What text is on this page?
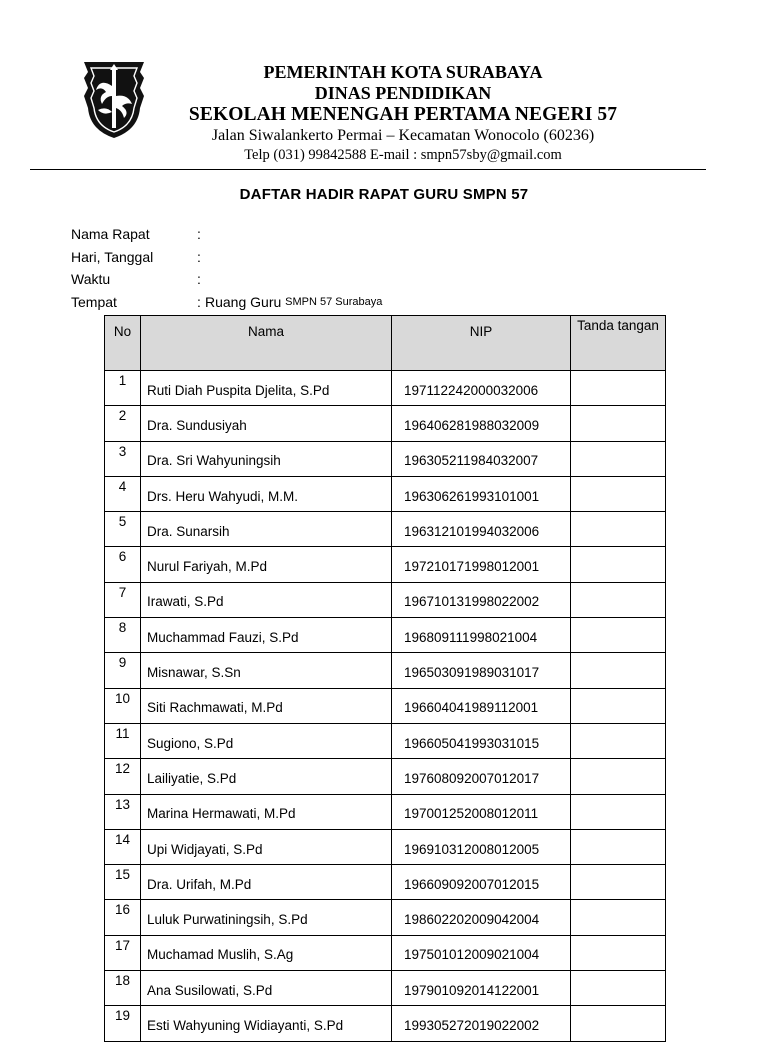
PEMERINTAH KOTA SURABAYA
DINAS PENDIDIKAN
SEKOLAH MENENGAH PERTAMA NEGERI 57
Jalan Siwalankerto Permai – Kecamatan Wonocolo (60236)
Telp (031) 99842588 E-mail : smpn57sby@gmail.com
DAFTAR HADIR RAPAT GURU SMPN 57
Nama Rapat	:
Hari, Tanggal	:
Waktu	:
Tempat	: Ruang Guru
SMPN 57 Surabaya
No	Nama	NIP	Tanda tangan
1	Ruti Diah Puspita Djelita, S.Pd	197112242000032006	
2	Dra. Sundusiyah	196406281988032009	
3	Dra. Sri Wahyuningsih	196305211984032007	
4	Drs. Heru Wahyudi, M.M.	196306261993101001	
5	Dra. Sunarsih	196312101994032006	
6	Nurul Fariyah, M.Pd	197210171998012001	
7	Irawati, S.Pd	196710131998022002	
8	Muchammad Fauzi, S.Pd	196809111998021004	
9	Misnawar, S.Sn	196503091989031017	
10	Siti Rachmawati, M.Pd	196604041989112001	
11	Sugiono, S.Pd	196605041993031015	
12	Lailiyatie, S.Pd	197608092007012017	
13	Marina Hermawati, M.Pd	197001252008012011	
14	Upi Widjayati, S.Pd	196910312008012005	
15	Dra. Urifah, M.Pd	196609092007012015	
16	Luluk Purwatiningsih, S.Pd	198602202009042004	
17	Muchamad Muslih, S.Ag	197501012009021004	
18	Ana Susilowati, S.Pd	197901092014122001	
19	Esti Wahyuning Widiayanti, S.Pd	199305272019022002	
